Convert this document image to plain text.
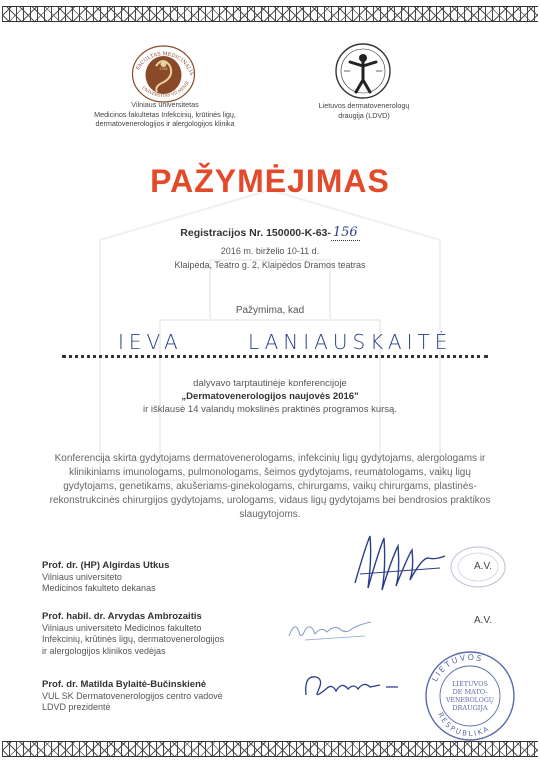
FACULTAS MEDICINALIS
UNIVERSITAS VILNENSI
1781
Vilniaus universitetas
Medicinos fakultetas Infekcinių, krūtinės ligų,
dermatovenerologijos ir alergologijos klinika
Lietuvos dermatovenerologų
draugija (LDVD)
PAŽYMĖJIMAS
Registracijos Nr. 150000-K-63- 156
2016 m. birželio 10-11 d.
Klaipėda, Teatro g. 2, Klaipėdos Dramos teatras
Pažymima, kad
IEVA	LANIAUSKAITĖ
dalyvavo tarptautinėje konferencijoje
„Dermatovenerologijos naujovės 2016"
ir išklausė 14 valandų mokslinės praktinės programos kursą.
Konferencija skirta gydytojams dermatovenerologams, infekcinių ligų gydytojams, alergologams ir klinikiniams imunologams, pulmonologams, šeimos gydytojams, reumatologams, vaikų ligų gydytojams, genetikams, akušeriams-ginekologams, chirurgams, vaikų chirurgams, plastinės-rekonstrukcinės chirurgijos gydytojams, urologams, vidaus ligų gydytojams bei bendrosios praktikos slaugytojoms.
Prof. dr. (HP) Algirdas Utkus
Vilniaus universiteto
Medicinos fakulteto dekanas
A.V.
Prof. habil. dr. Arvydas Ambrozaitis
Vilniaus universiteto Medicinos fakulteto
Infekcinių, krūtinės ligų, dermatovenerologijos
ir alergologijos klinikos vedėjas
A.V.
Prof. dr. Matilda Bylaitė-Bučinskienė
VUL SK Dermatovenerologijos centro vadovė
LDVD prezidentė
LIETUVOS
RESPUBLIKA
LIETUVOS
DE MATO-
VENEROLOGŲ
DRAUGIJA
